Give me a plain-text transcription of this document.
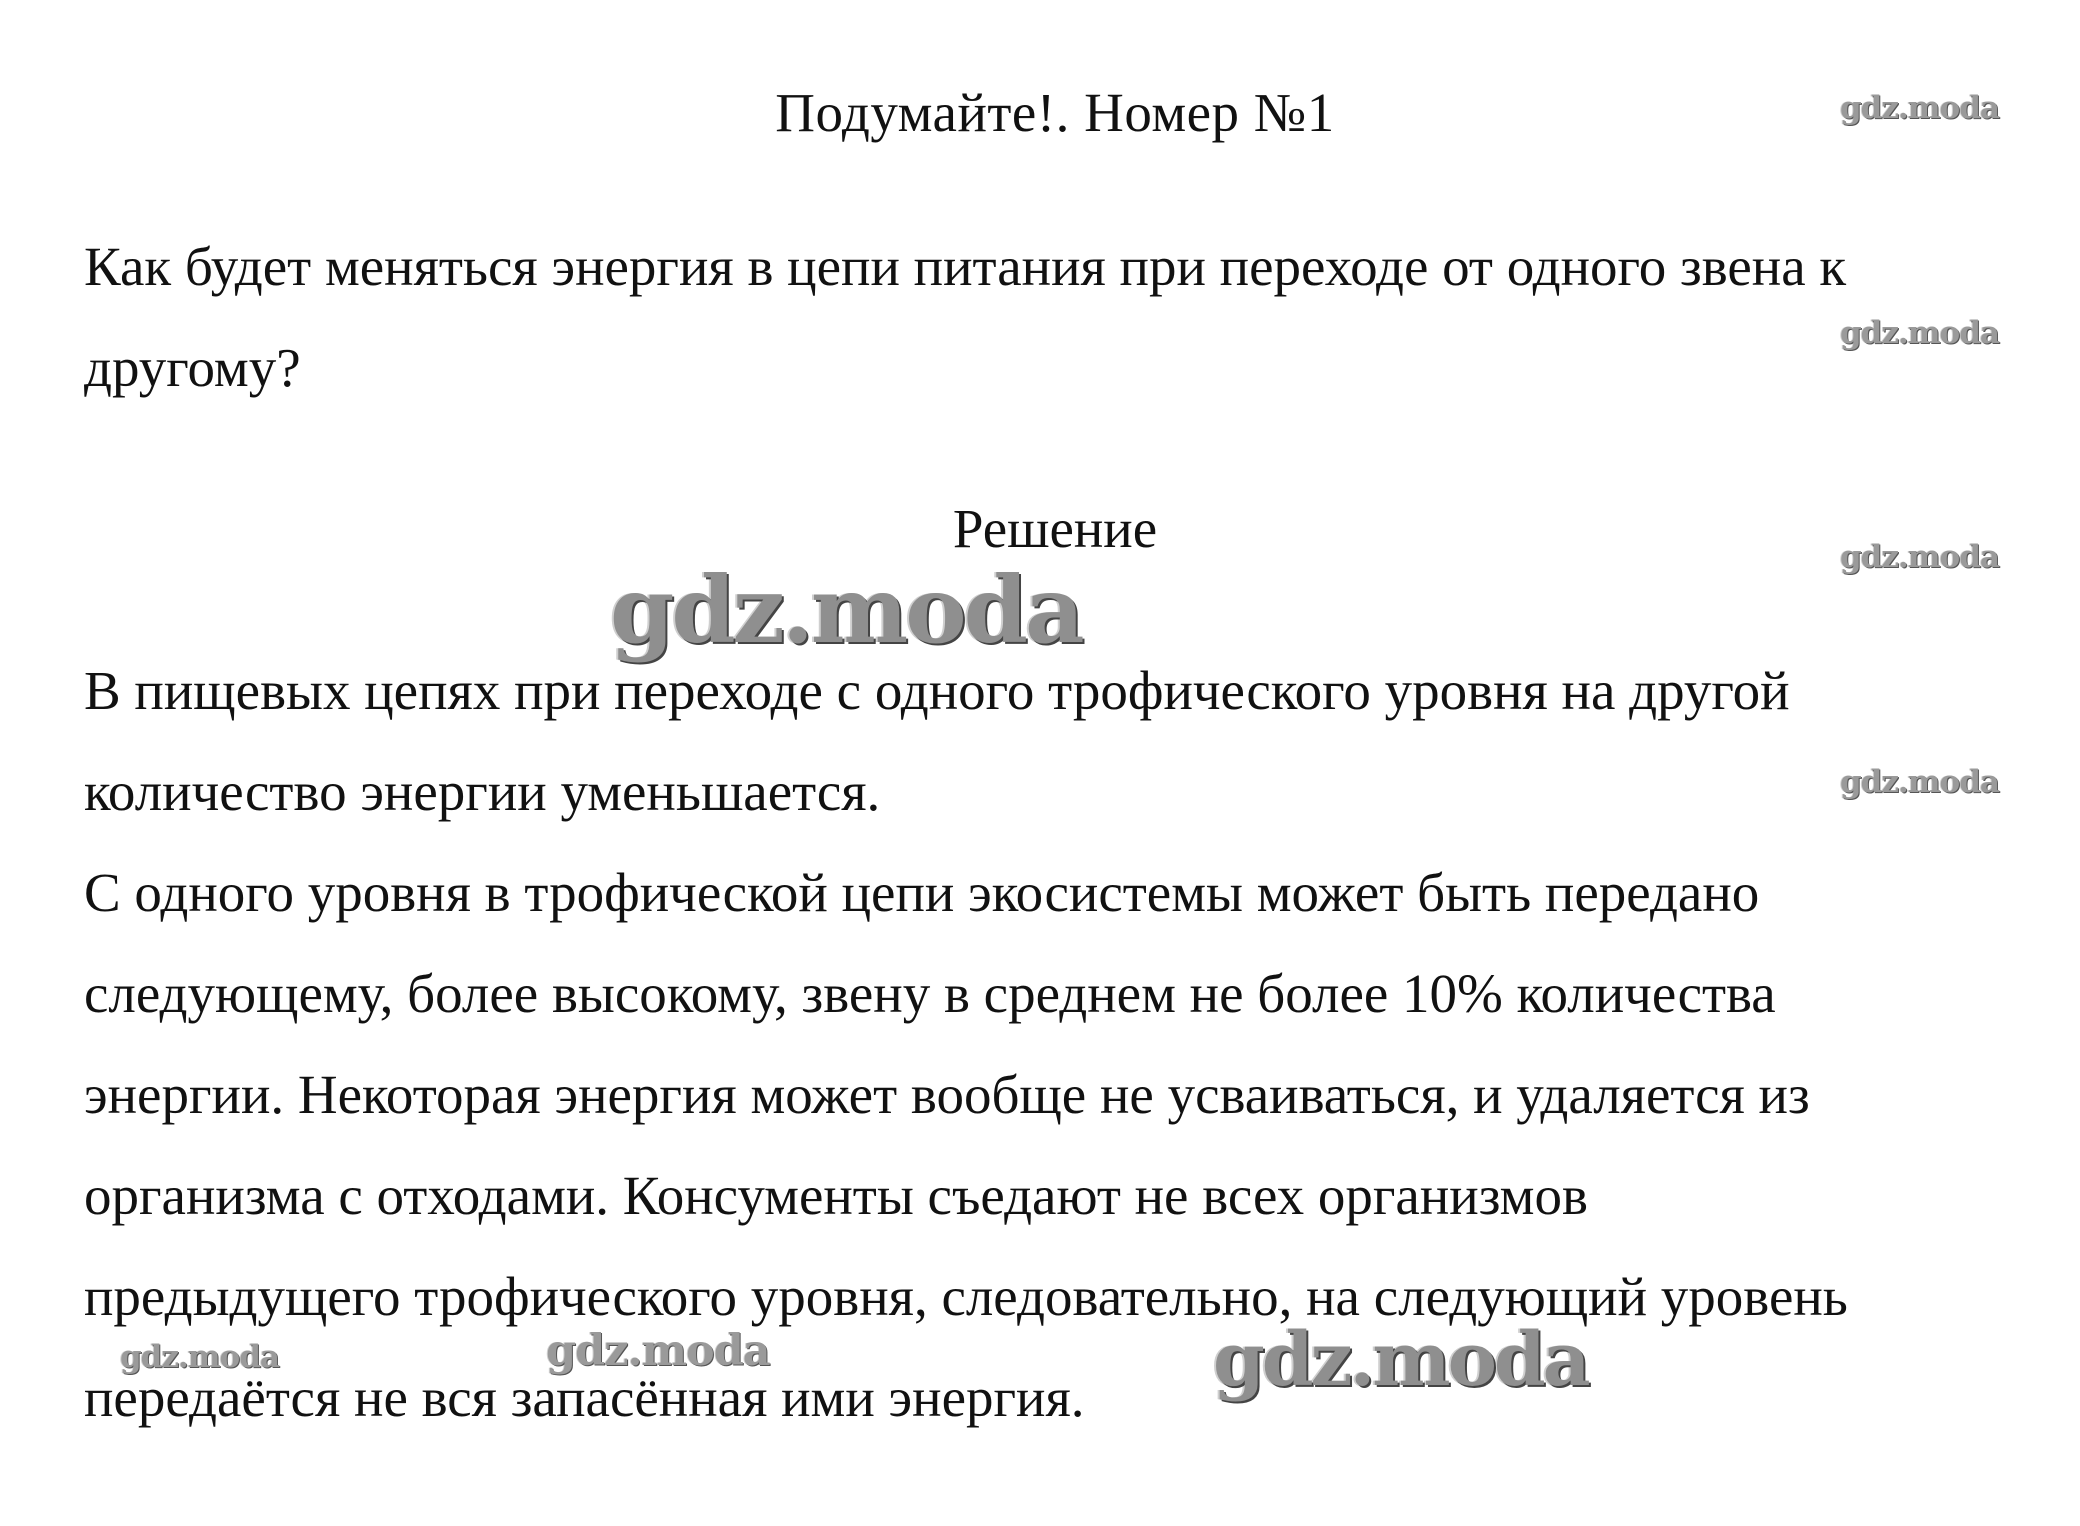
Подумайте!. Номер №1

Как будет меняться энергия в цепи питания при переходе от одного звена к
другому?

Решение

В пищевых цепях при переходе с одного трофического уровня на другой
количество энергии уменьшается.

С одного уровня в трофической цепи экосистемы может быть передано
следующему, более высокому, звену в среднем не более 10% количества
энергии. Некоторая энергия может вообще не усваиваться, и удаляется из
организма с отходами. Консументы съедают не всех организмов
предыдущего трофического уровня, следовательно, на следующий уровень
передаётся не вся запасённая ими энергия.

gdz.moda
gdz.moda
gdz.moda
gdz.moda
gdz.moda
gdz.moda	gdz.moda	gdz.moda
